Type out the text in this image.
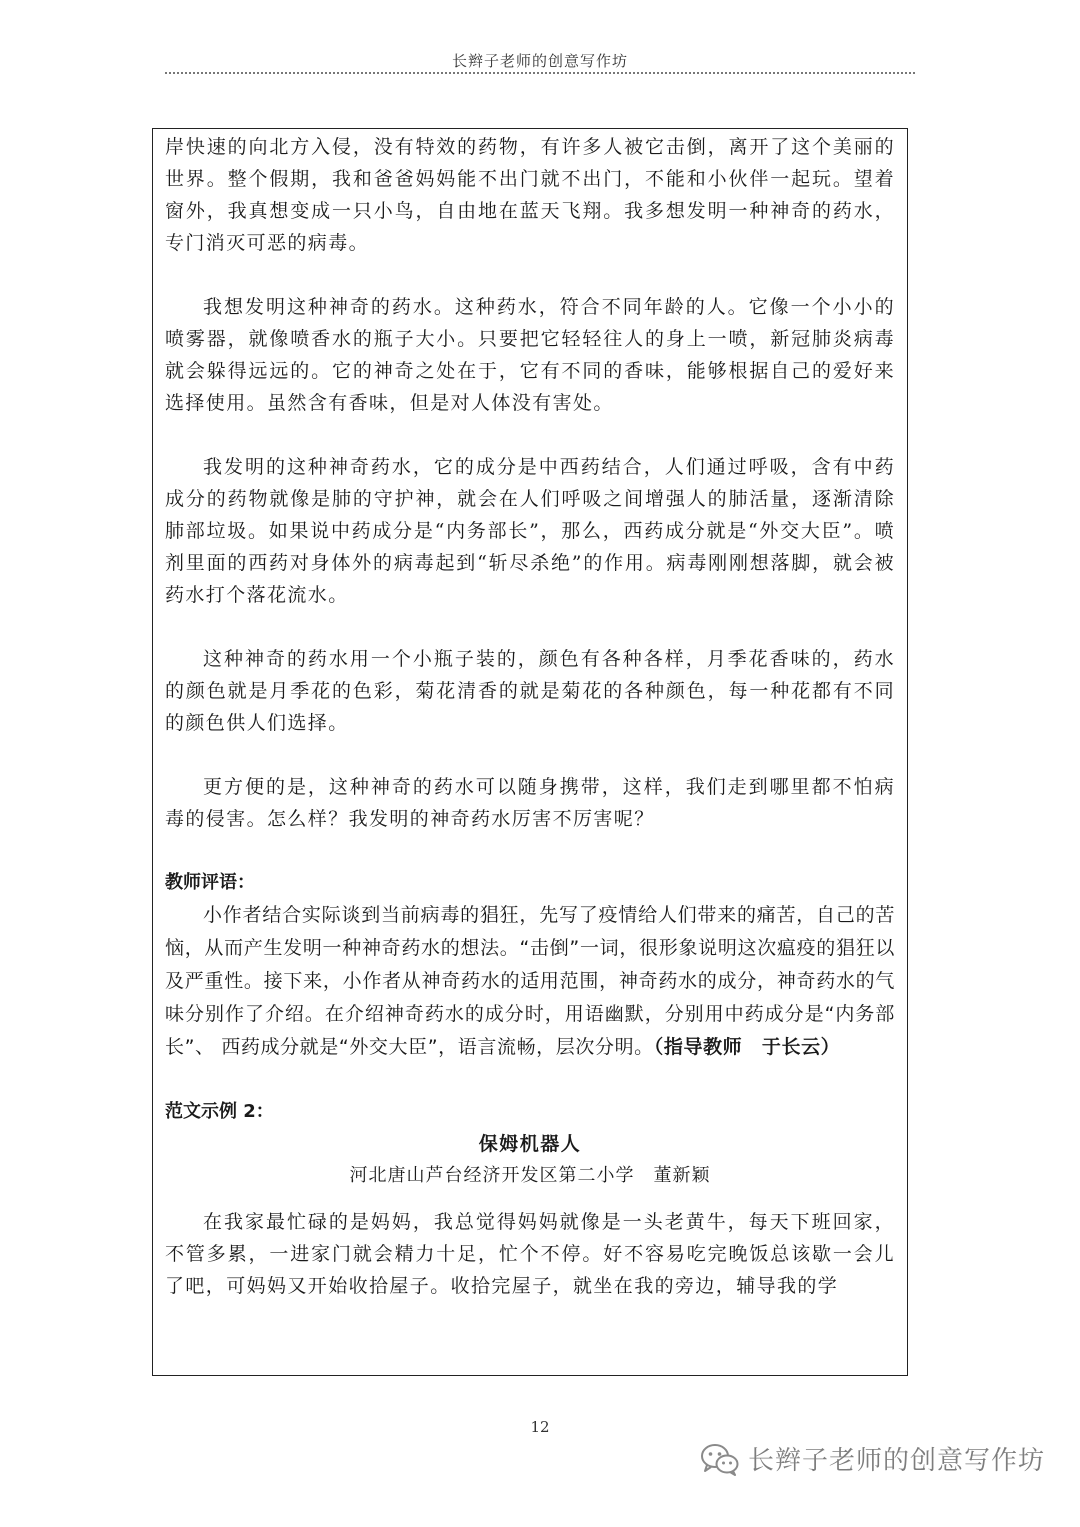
长辫子老师的创意写作坊

岸快速的向北方入侵，没有特效的药物，有许多人被它击倒，离开了这个美丽的世界。整个假期，我和爸爸妈妈能不出门就不出门，不能和小伙伴一起玩。望着窗外，我真想变成一只小鸟，自由地在蓝天飞翔。我多想发明一种神奇的药水，专门消灭可恶的病毒。

我想发明这种神奇的药水。这种药水，符合不同年龄的人。它像一个小小的喷雾器，就像喷香水的瓶子大小。只要把它轻轻往人的身上一喷，新冠肺炎病毒就会躲得远远的。它的神奇之处在于，它有不同的香味，能够根据自己的爱好来选择使用。虽然含有香味，但是对人体没有害处。

我发明的这种神奇药水，它的成分是中西药结合，人们通过呼吸，含有中药成分的药物就像是肺的守护神，就会在人们呼吸之间增强人的肺活量，逐渐清除肺部垃圾。如果说中药成分是“内务部长”，那么，西药成分就是“外交大臣”。喷剂里面的西药对身体外的病毒起到“斩尽杀绝”的作用。病毒刚刚想落脚，就会被药水打个落花流水。

这种神奇的药水用一个小瓶子装的，颜色有各种各样，月季花香味的，药水的颜色就是月季花的色彩，菊花清香的就是菊花的各种颜色，每一种花都有不同的颜色供人们选择。

更方便的是，这种神奇的药水可以随身携带，这样，我们走到哪里都不怕病毒的侵害。怎么样？我发明的神奇药水厉害不厉害呢？

教师评语：

小作者结合实际谈到当前病毒的猖狂，先写了疫情给人们带来的痛苦，自己的苦恼，从而产生发明一种神奇药水的想法。“击倒”一词，很形象说明这次瘟疫的猖狂以及严重性。接下来，小作者从神奇药水的适用范围，神奇药水的成分，神奇药水的气味分别作了介绍。在介绍神奇药水的成分时，用语幽默，分别用中药成分是“内务部长”、 西药成分就是“外交大臣”，语言流畅，层次分明。（指导教师　于长云）

范文示例 2：

保姆机器人

河北唐山芦台经济开发区第二小学　董新颖

在我家最忙碌的是妈妈，我总觉得妈妈就像是一头老黄牛，每天下班回家，不管多累，一进家门就会精力十足，忙个不停。好不容易吃完晚饭总该歇一会儿了吧，可妈妈又开始收拾屋子。收拾完屋子，就坐在我的旁边，辅导我的学

12
长辫子老师的创意写作坊
